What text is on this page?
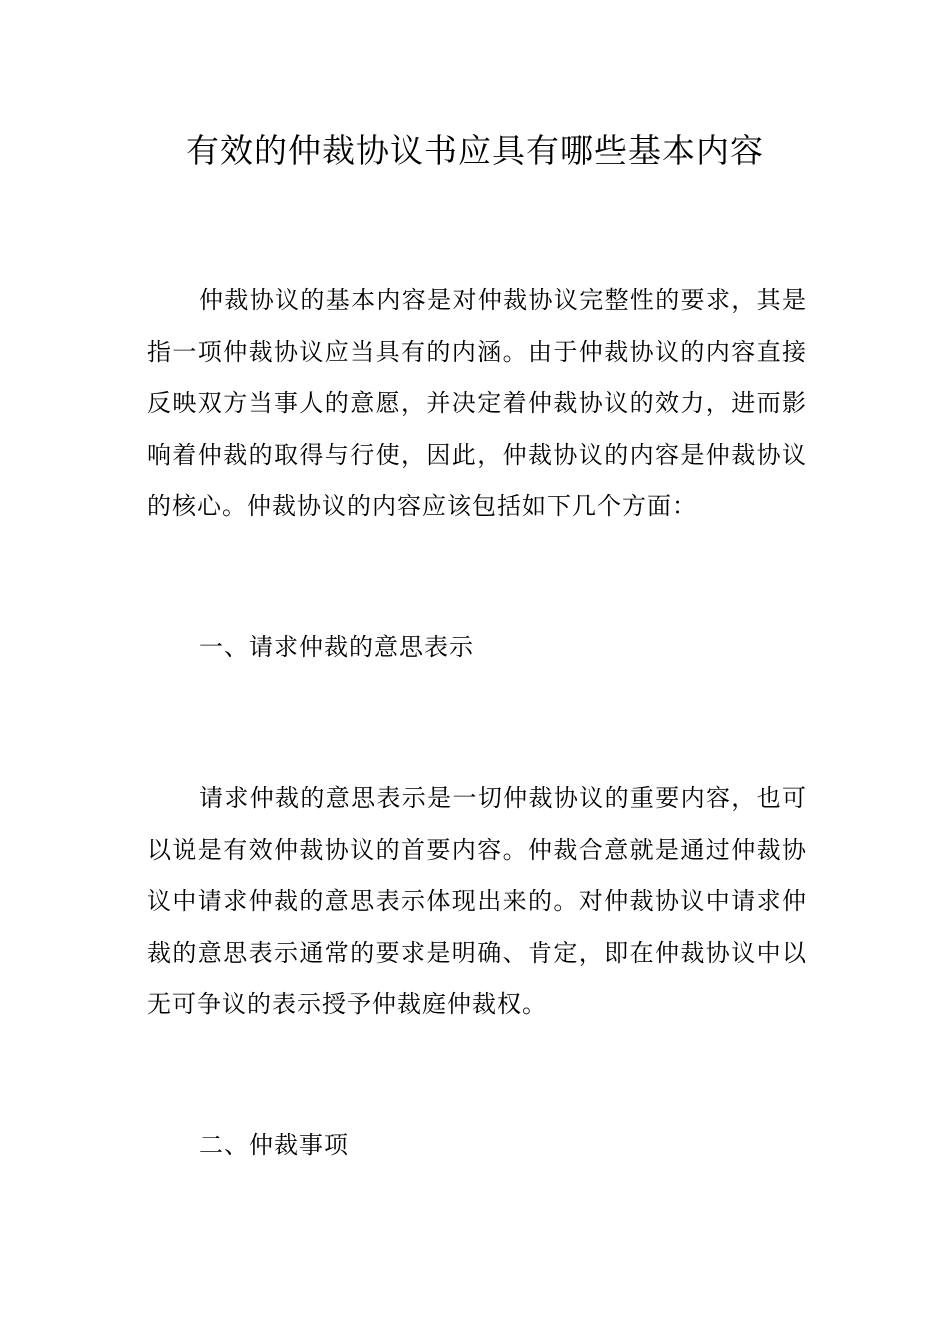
有效的仲裁协议书应具有哪些基本内容

仲裁协议的基本内容是对仲裁协议完整性的要求，其是指一项仲裁协议应当具有的内涵。由于仲裁协议的内容直接反映双方当事人的意愿，并决定着仲裁协议的效力，进而影响着仲裁的取得与行使，因此，仲裁协议的内容是仲裁协议的核心。仲裁协议的内容应该包括如下几个方面：

一、请求仲裁的意思表示

请求仲裁的意思表示是一切仲裁协议的重要内容，也可以说是有效仲裁协议的首要内容。仲裁合意就是通过仲裁协议中请求仲裁的意思表示体现出来的。对仲裁协议中请求仲裁的意思表示通常的要求是明确、肯定，即在仲裁协议中以无可争议的表示授予仲裁庭仲裁权。

二、仲裁事项
